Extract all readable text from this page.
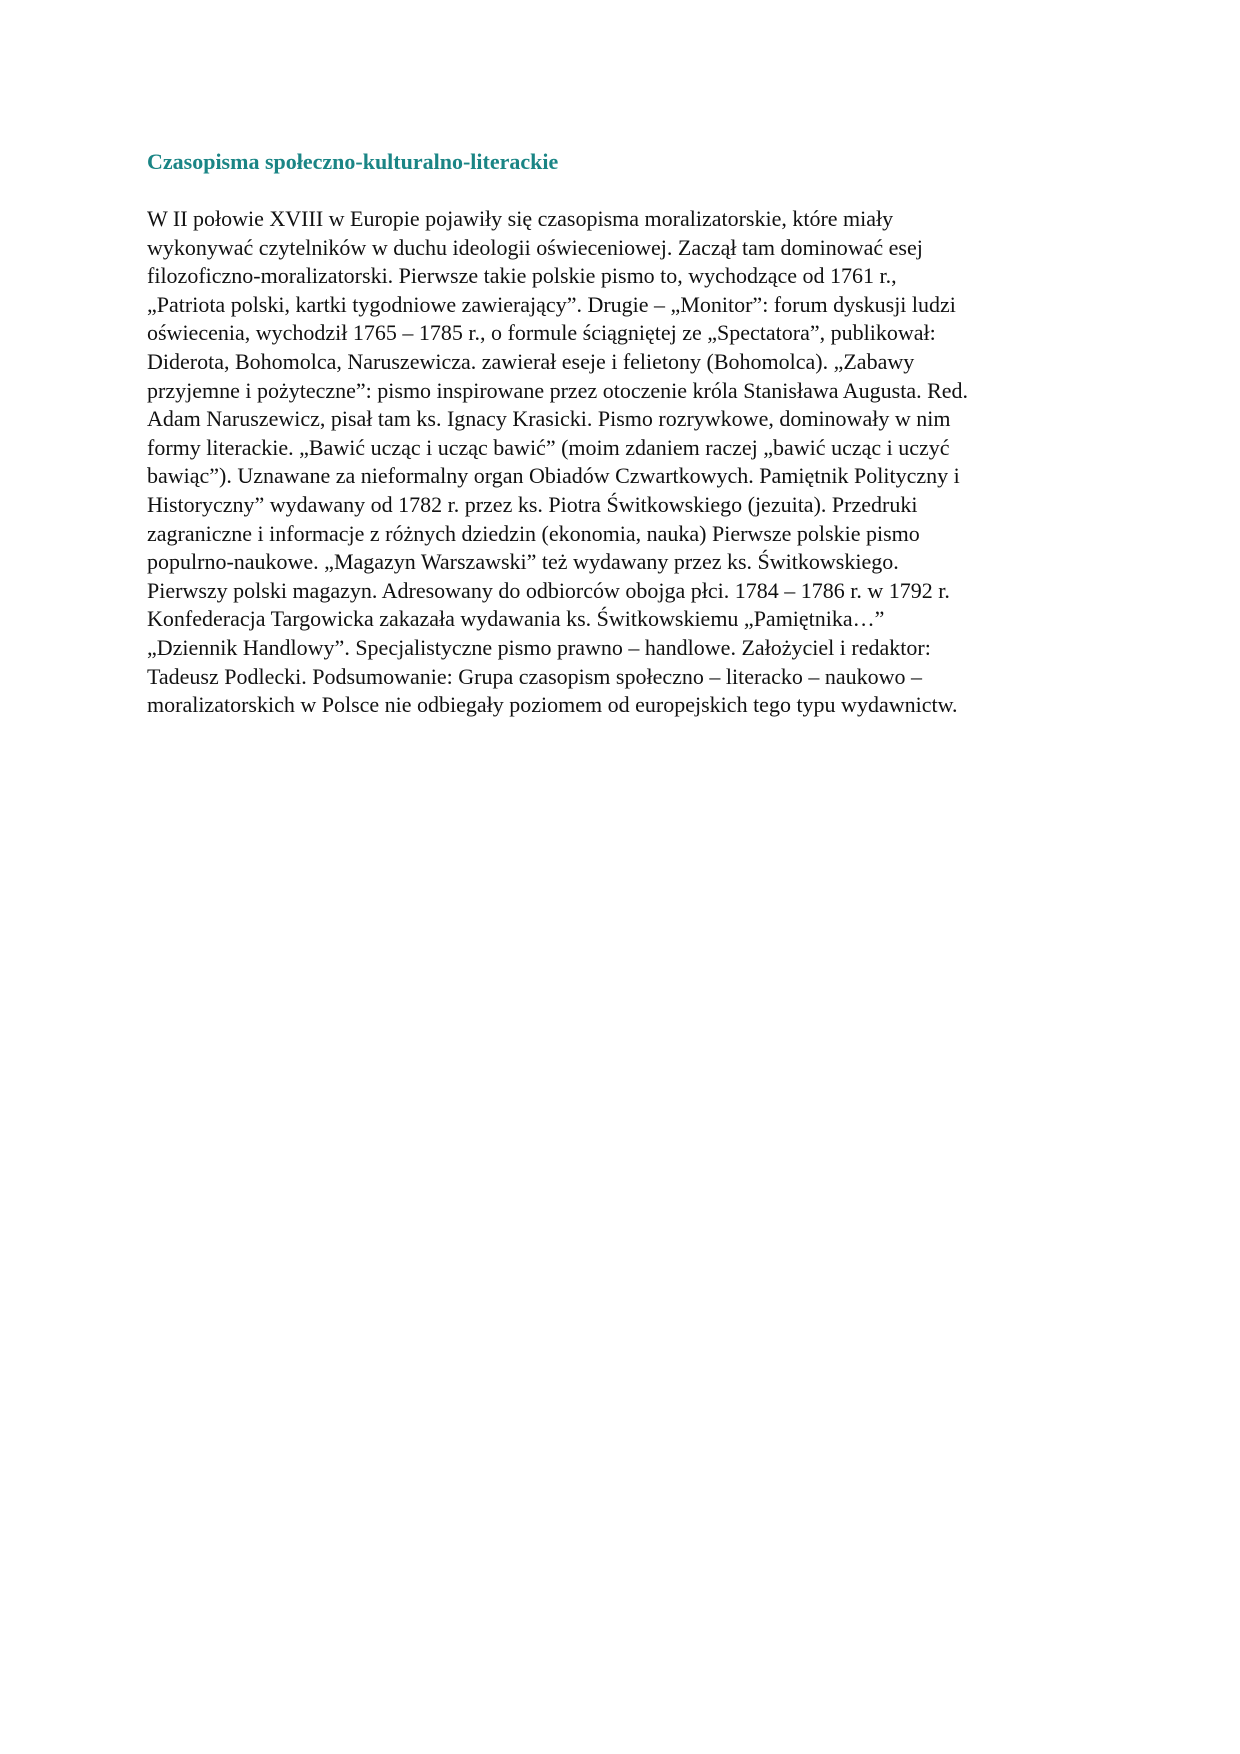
Czasopisma społeczno-kulturalno-literackie
W II połowie XVIII w Europie pojawiły się czasopisma moralizatorskie, które miały
wykonywać czytelników w duchu ideologii oświeceniowej. Zaczął tam dominować esej
filozoficzno-moralizatorski. Pierwsze takie polskie pismo to, wychodzące od 1761 r.,
„Patriota polski, kartki tygodniowe zawierający”. Drugie – „Monitor”: forum dyskusji ludzi
oświecenia, wychodził 1765 – 1785 r., o formule ściągniętej ze „Spectatora”, publikował:
Diderota, Bohomolca, Naruszewicza. zawierał eseje i felietony (Bohomolca). „Zabawy
przyjemne i pożyteczne”: pismo inspirowane przez otoczenie króla Stanisława Augusta. Red.
Adam Naruszewicz, pisał tam ks. Ignacy Krasicki. Pismo rozrywkowe, dominowały w nim
formy literackie. „Bawić ucząc i ucząc bawić” (moim zdaniem raczej „bawić ucząc i uczyć
bawiąc”). Uznawane za nieformalny organ Obiadów Czwartkowych. Pamiętnik Polityczny i
Historyczny” wydawany od 1782 r. przez ks. Piotra Świtkowskiego (jezuita). Przedruki
zagraniczne i informacje z różnych dziedzin (ekonomia, nauka) Pierwsze polskie pismo
populrno-naukowe. „Magazyn Warszawski” też wydawany przez ks. Świtkowskiego.
Pierwszy polski magazyn. Adresowany do odbiorców obojga płci. 1784 – 1786 r. w 1792 r.
Konfederacja Targowicka zakazała wydawania ks. Świtkowskiemu „Pamiętnika…”
„Dziennik Handlowy”. Specjalistyczne pismo prawno – handlowe. Założyciel i redaktor:
Tadeusz Podlecki. Podsumowanie: Grupa czasopism społeczno – literacko – naukowo –
moralizatorskich w Polsce nie odbiegały poziomem od europejskich tego typu wydawnictw.
